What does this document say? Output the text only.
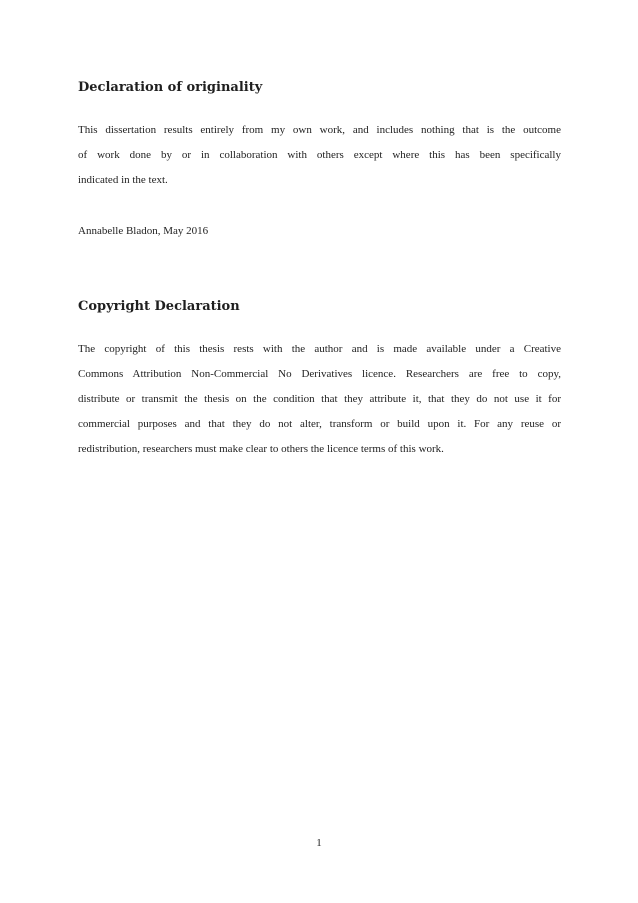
Declaration of originality

This dissertation results entirely from my own work, and includes nothing that is the outcome
of work done by or in collaboration with others except where this has been specifically
indicated in the text.

Annabelle Bladon, May 2016

Copyright Declaration

The copyright of this thesis rests with the author and is made available under a Creative
Commons Attribution Non-Commercial No Derivatives licence. Researchers are free to copy,
distribute or transmit the thesis on the condition that they attribute it, that they do not use it for
commercial purposes and that they do not alter, transform or build upon it. For any reuse or
redistribution, researchers must make clear to others the licence terms of this work.

1
